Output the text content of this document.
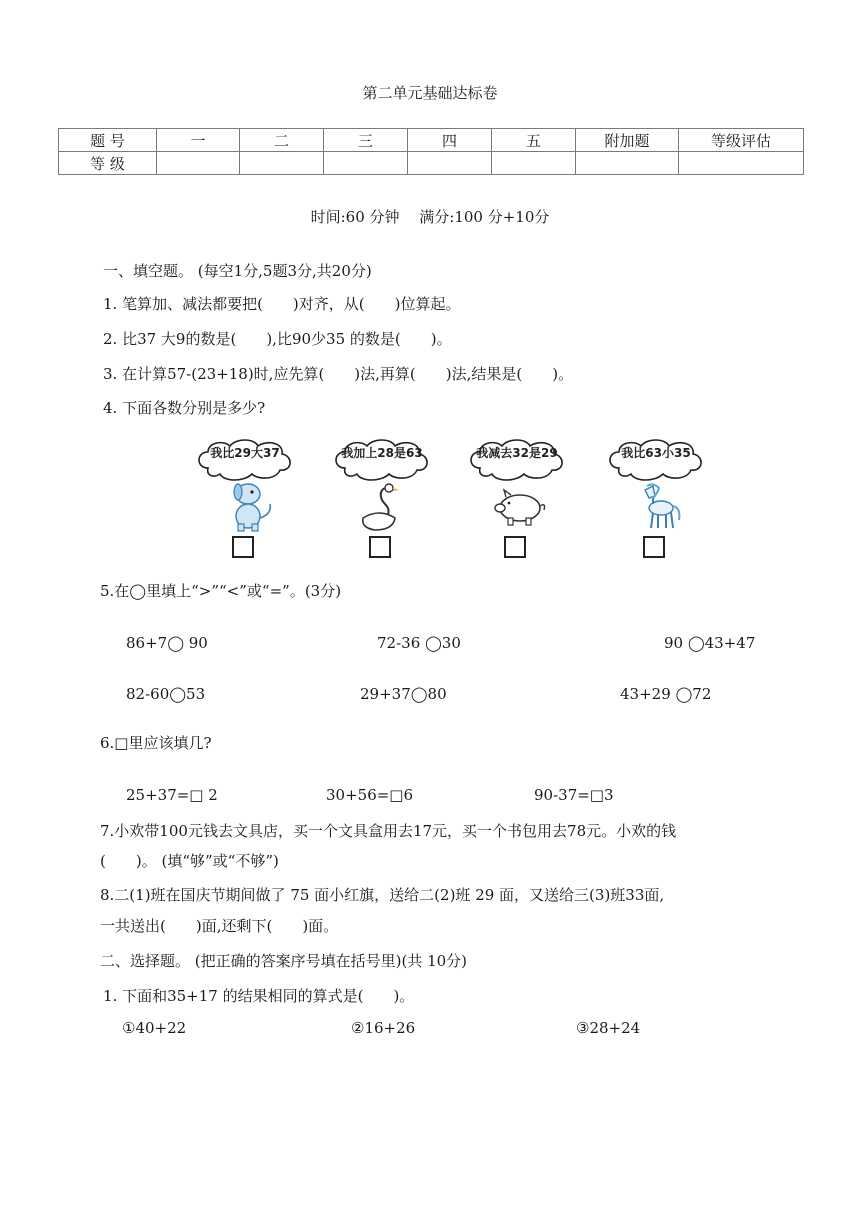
第二单元基础达标卷
题 号	一	二	三	四	五	附加题	等级评估
等 级							
时间:60 分钟　 满分:100 分+10分
一、填空题。 (每空1分,5题3分,共20分)
1. 笔算加、减法都要把(　　)对齐，从(　　)位算起。
2. 比37 大9的数是(　　),比90少35 的数是(　　)。
3. 在计算57-(23+18)时,应先算(　　)法,再算(　　)法,结果是(　　)。
4. 下面各数分别是多少?
我比29大37	我加上28是63	我减去32是29	我比63小35
5.在◯里填上“>”“<”或“=”。(3分)
86+7◯ 90	72-36 ◯30	90 ◯43+47
82-60◯53	29+37◯80	43+29 ◯72
6.□里应该填几?
25+37=□ 2	30+56=□6	90-37=□3
7.小欢带100元钱去文具店，买一个文具盒用去17元，买一个书包用去78元。小欢的钱
(　　)。 (填“够”或“不够”)
8.二(1)班在国庆节期间做了 75 面小红旗，送给二(2)班 29 面，又送给三(3)班33面,
一共送出(　　)面,还剩下(　　)面。
二、选择题。 (把正确的答案序号填在括号里)(共 10分)
1. 下面和35+17 的结果相同的算式是(　　)。
①40+22	②16+26	③28+24
